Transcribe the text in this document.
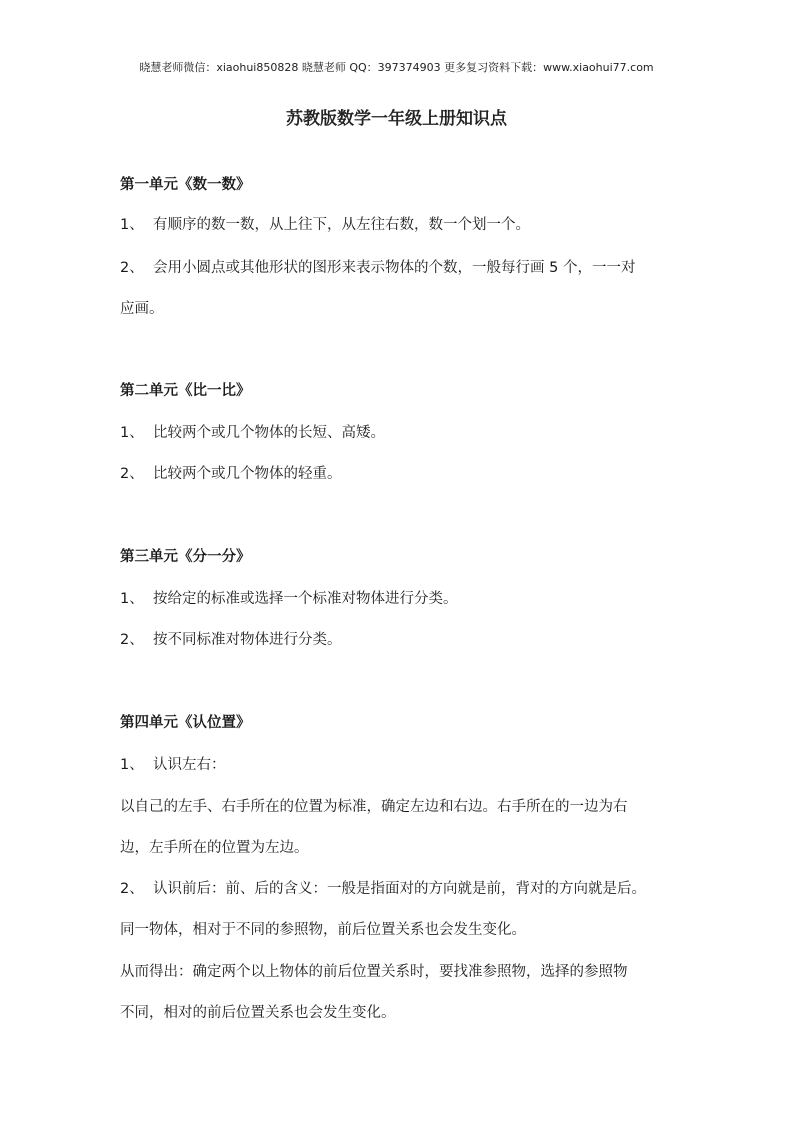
晓慧老师微信：xiaohui850828 晓慧老师 QQ：397374903 更多复习资料下载：www.xiaohui77.com
苏教版数学一年级上册知识点
第一单元《数一数》
1、 有顺序的数一数，从上往下，从左往右数，数一个划一个。
2、 会用小圆点或其他形状的图形来表示物体的个数，一般每行画 5 个，一一对
应画。
第二单元《比一比》
1、 比较两个或几个物体的长短、高矮。
2、 比较两个或几个物体的轻重。
第三单元《分一分》
1、 按给定的标准或选择一个标准对物体进行分类。
2、 按不同标准对物体进行分类。
第四单元《认位置》
1、 认识左右：
以自己的左手、右手所在的位置为标准，确定左边和右边。右手所在的一边为右
边，左手所在的位置为左边。
2、 认识前后：前、后的含义：一般是指面对的方向就是前，背对的方向就是后。
同一物体，相对于不同的参照物，前后位置关系也会发生变化。
从而得出：确定两个以上物体的前后位置关系时，要找准参照物，选择的参照物
不同，相对的前后位置关系也会发生变化。
